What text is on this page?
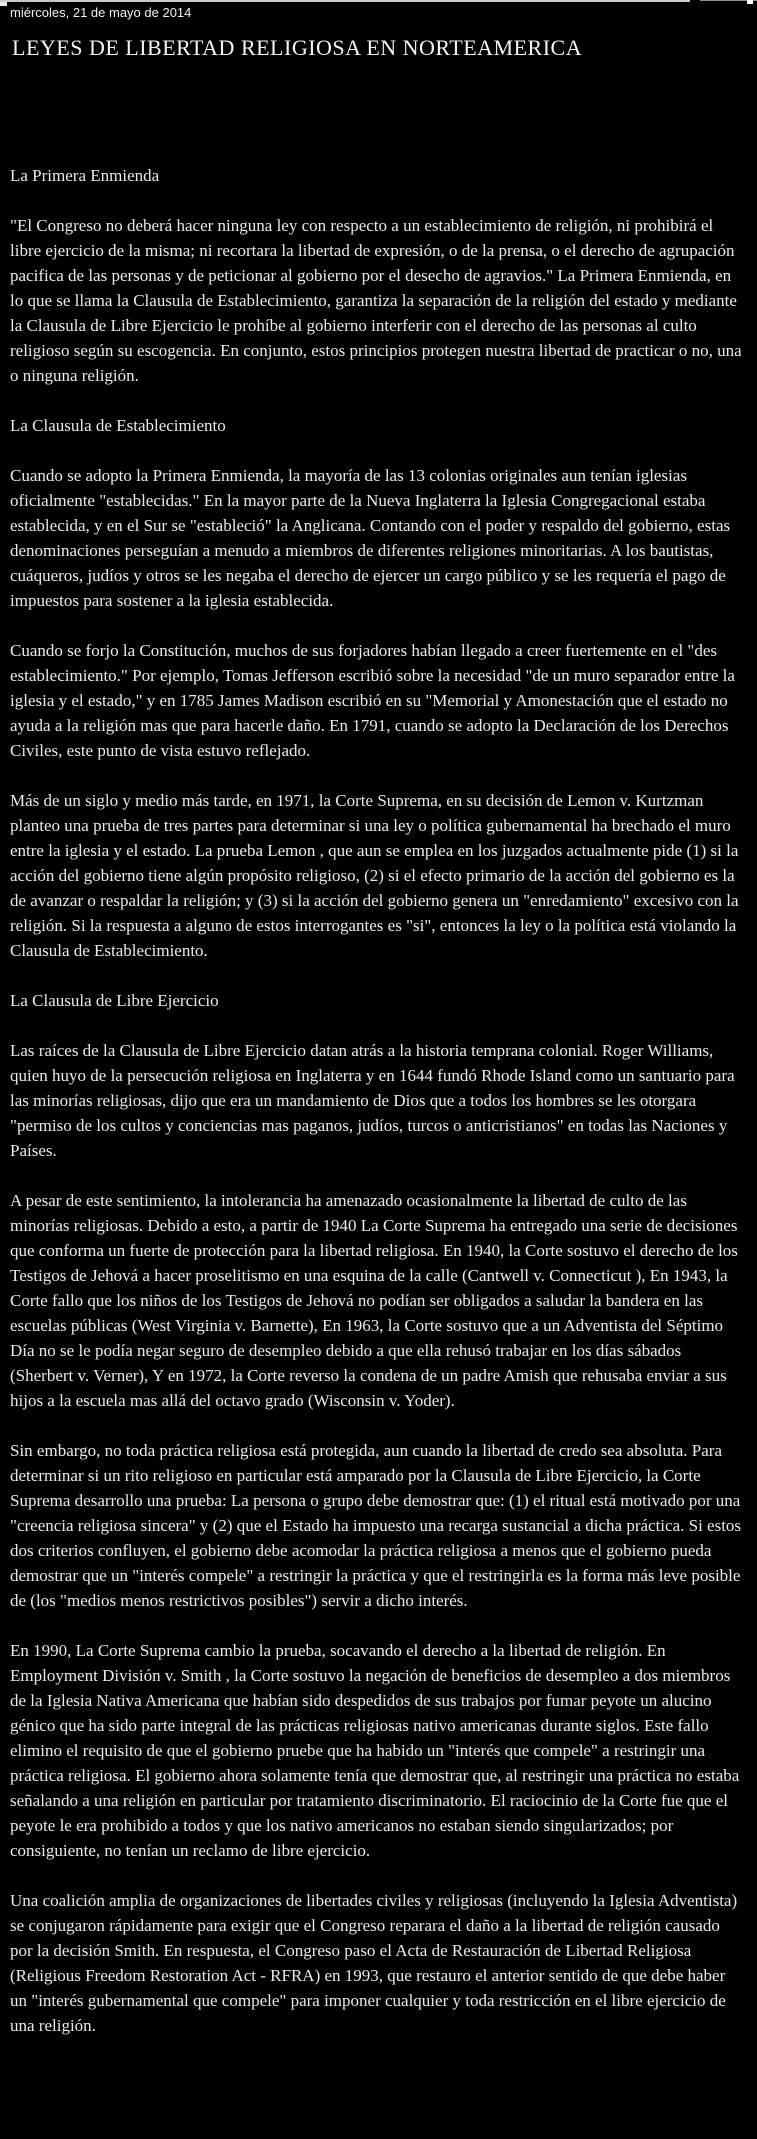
miércoles, 21 de mayo de 2014
LEYES DE LIBERTAD RELIGIOSA EN NORTEAMERICA

La Primera Enmienda

"El Congreso no deberá hacer ninguna ley con respecto a un establecimiento de religión, ni prohibirá el libre ejercicio de la misma; ni recortara la libertad de expresión, o de la prensa, o el derecho de agrupación pacifica de las personas y de peticionar al gobierno por el desecho de agravios." La Primera Enmienda, en lo que se llama la Clausula de Establecimiento, garantiza la separación de la religión del estado y mediante la Clausula de Libre Ejercicio le prohíbe al gobierno interferir con el derecho de las personas al culto religioso según su escogencia. En conjunto, estos principios protegen nuestra libertad de practicar o no, una o ninguna religión.

La Clausula de Establecimiento

Cuando se adopto la Primera Enmienda, la mayoría de las 13 colonias originales aun tenían iglesias oficialmente "establecidas." En la mayor parte de la Nueva Inglaterra la Iglesia Congregacional estaba establecida, y en el Sur se "estableció" la Anglicana. Contando con el poder y respaldo del gobierno, estas denominaciones perseguían a menudo a miembros de diferentes religiones minoritarias. A los bautistas, cuáqueros, judíos y otros se les negaba el derecho de ejercer un cargo público y se les requería el pago de impuestos para sostener a la iglesia establecida.

Cuando se forjo la Constitución, muchos de sus forjadores habían llegado a creer fuertemente en el "des establecimiento." Por ejemplo, Tomas Jefferson escribió sobre la necesidad "de un muro separador entre la iglesia y el estado," y en 1785 James Madison escribió en su "Memorial y Amonestación que el estado no ayuda a la religión mas que para hacerle daño. En 1791, cuando se adopto la Declaración de los Derechos Civiles, este punto de vista estuvo reflejado.

Más de un siglo y medio más tarde, en 1971, la Corte Suprema, en su decisión de Lemon v. Kurtzman planteo una prueba de tres partes para determinar si una ley o política gubernamental ha brechado el muro entre la iglesia y el estado. La prueba Lemon , que aun se emplea en los juzgados actualmente pide (1) si la acción del gobierno tiene algún propósito religioso, (2) si el efecto primario de la acción del gobierno es la de avanzar o respaldar la religión; y (3) si la acción del gobierno genera un "enredamiento" excesivo con la religión. Si la respuesta a alguno de estos interrogantes es "si", entonces la ley o la política está violando la Clausula de Establecimiento.

La Clausula de Libre Ejercicio

Las raíces de la Clausula de Libre Ejercicio datan atrás a la historia temprana colonial. Roger Williams, quien huyo de la persecución religiosa en Inglaterra y en 1644 fundó Rhode Island como un santuario para las minorías religiosas, dijo que era un mandamiento de Dios que a todos los hombres se les otorgara "permiso de los cultos y conciencias mas paganos, judíos, turcos o anticristianos" en todas las Naciones y Países.

A pesar de este sentimiento, la intolerancia ha amenazado ocasionalmente la libertad de culto de las minorías religiosas. Debido a esto, a partir de 1940 La Corte Suprema ha entregado una serie de decisiones que conforma un fuerte de protección para la libertad religiosa. En 1940, la Corte sostuvo el derecho de los Testigos de Jehová a hacer proselitismo en una esquina de la calle (Cantwell v. Connecticut ), En 1943, la Corte fallo que los niños de los Testigos de Jehová no podían ser obligados a saludar la bandera en las escuelas públicas (West Virginia v. Barnette), En 1963, la Corte sostuvo que a un Adventista del Séptimo Día no se le podía negar seguro de desempleo debido a que ella rehusó trabajar en los días sábados (Sherbert v. Verner), Y en 1972, la Corte reverso la condena de un padre Amish que rehusaba enviar a sus hijos a la escuela mas allá del octavo grado (Wisconsin v. Yoder).

Sin embargo, no toda práctica religiosa está protegida, aun cuando la libertad de credo sea absoluta. Para determinar si un rito religioso en particular está amparado por la Clausula de Libre Ejercicio, la Corte Suprema desarrollo una prueba: La persona o grupo debe demostrar que: (1) el ritual está motivado por una "creencia religiosa sincera" y (2) que el Estado ha impuesto una recarga sustancial a dicha práctica. Si estos dos criterios confluyen, el gobierno debe acomodar la práctica religiosa a menos que el gobierno pueda demostrar que un "interés compele" a restringir la práctica y que el restringirla es la forma más leve posible de (los "medios menos restrictivos posibles") servir a dicho interés.

En 1990, La Corte Suprema cambio la prueba, socavando el derecho a la libertad de religión. En Employment División v. Smith , la Corte sostuvo la negación de beneficios de desempleo a dos miembros de la Iglesia Nativa Americana que habían sido despedidos de sus trabajos por fumar peyote un alucino génico que ha sido parte integral de las prácticas religiosas nativo americanas durante siglos. Este fallo elimino el requisito de que el gobierno pruebe que ha habido un "interés que compele" a restringir una práctica religiosa. El gobierno ahora solamente tenía que demostrar que, al restringir una práctica no estaba señalando a una religión en particular por tratamiento discriminatorio. El raciocinio de la Corte fue que el peyote le era prohibido a todos y que los nativo americanos no estaban siendo singularizados; por consiguiente, no tenían un reclamo de libre ejercicio.

Una coalición amplia de organizaciones de libertades civiles y religiosas (incluyendo la Iglesia Adventista) se conjugaron rápidamente para exigir que el Congreso reparara el daño a la libertad de religión causado por la decisión Smith. En respuesta, el Congreso paso el Acta de Restauración de Libertad Religiosa (Religious Freedom Restoration Act - RFRA) en 1993, que restauro el anterior sentido de que debe haber un "interés gubernamental que compele" para imponer cualquier y toda restricción en el libre ejercicio de una religión.
